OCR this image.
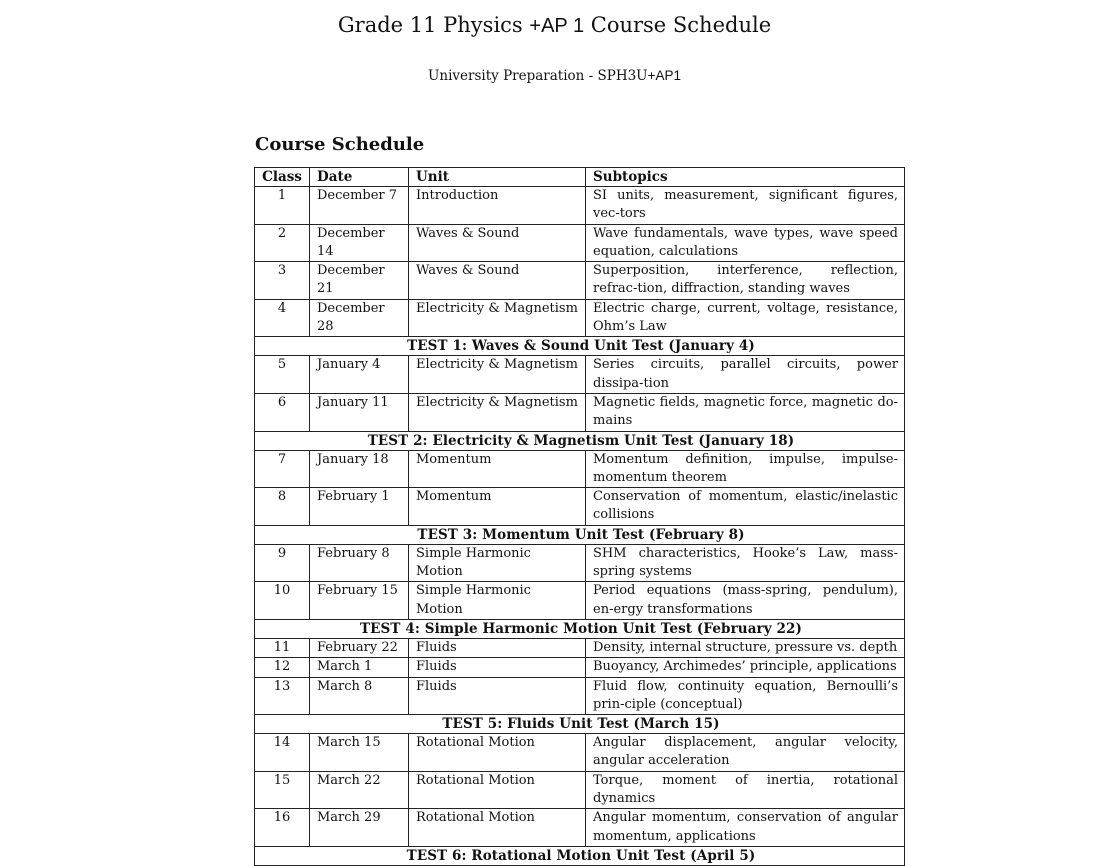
Grade 11 Physics +AP 1 Course Schedule
University Preparation - SPH3U+AP1
Course Schedule
Class	Date	Unit	Subtopics
1	December 7	Introduction	SI units, measurement, significant figures, vec-tors
2	December 14	Waves & Sound	Wave fundamentals, wave types, wave speed equation, calculations
3	December 21	Waves & Sound	Superposition, interference, reflection, refrac-tion, diffraction, standing waves
4	December 28	Electricity & Magnetism	Electric charge, current, voltage, resistance, Ohm’s Law
TEST 1: Waves & Sound Unit Test (January 4)			
5	January 4	Electricity & Magnetism	Series circuits, parallel circuits, power dissipa-tion
6	January 11	Electricity & Magnetism	Magnetic fields, magnetic force, magnetic do-mains
TEST 2: Electricity & Magnetism Unit Test (January 18)			
7	January 18	Momentum	Momentum definition, impulse, impulse-momentum theorem
8	February 1	Momentum	Conservation of momentum, elastic/inelastic collisions
TEST 3: Momentum Unit Test (February 8)			
9	February 8	Simple Harmonic Motion	SHM characteristics, Hooke’s Law, mass-spring systems
10	February 15	Simple Harmonic Motion	Period equations (mass-spring, pendulum), en-ergy transformations
TEST 4: Simple Harmonic Motion Unit Test (February 22)			
11	February 22	Fluids	Density, internal structure, pressure vs. depth
12	March 1	Fluids	Buoyancy, Archimedes’ principle, applications
13	March 8	Fluids	Fluid flow, continuity equation, Bernoulli’s prin-ciple (conceptual)
TEST 5: Fluids Unit Test (March 15)			
14	March 15	Rotational Motion	Angular displacement, angular velocity, angular acceleration
15	March 22	Rotational Motion	Torque, moment of inertia, rotational dynamics
16	March 29	Rotational Motion	Angular momentum, conservation of angular momentum, applications
TEST 6: Rotational Motion Unit Test (April 5)			
